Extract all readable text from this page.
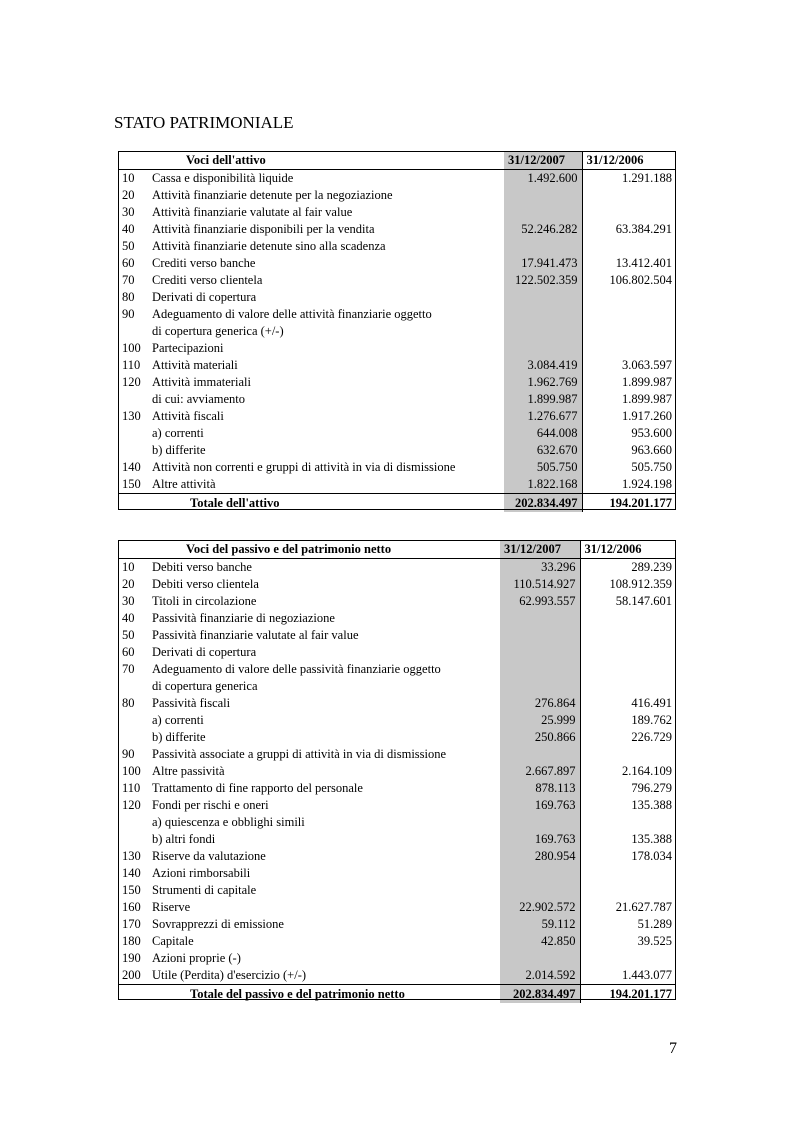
STATO PATRIMONIALE
	Voci dell'attivo	31/12/2007	31/12/2006
10	Cassa e disponibilità liquide	1.492.600	1.291.188
20	Attività finanziarie detenute per la negoziazione		
30	Attività finanziarie valutate al fair value		
40	Attività finanziarie disponibili per la vendita	52.246.282	63.384.291
50	Attività finanziarie detenute sino alla scadenza		
60	Crediti verso banche	17.941.473	13.412.401
70	Crediti verso clientela	122.502.359	106.802.504
80	Derivati di copertura		
90	Adeguamento di valore delle attività finanziarie oggetto		
	di copertura generica (+/-)		
100	Partecipazioni		
110	Attività materiali	3.084.419	3.063.597
120	Attività immateriali	1.962.769	1.899.987
	di cui: avviamento	1.899.987	1.899.987
130	Attività fiscali	1.276.677	1.917.260
	a) correnti	644.008	953.600
	b) differite	632.670	963.660
140	Attività non correnti e gruppi di attività in via di dismissione	505.750	505.750
150	Altre attività	1.822.168	1.924.198
	Totale dell'attivo	202.834.497	194.201.177
	Voci del passivo e del patrimonio netto	31/12/2007	31/12/2006
10	Debiti verso banche	33.296	289.239
20	Debiti verso clientela	110.514.927	108.912.359
30	Titoli in circolazione	62.993.557	58.147.601
40	Passività finanziarie di negoziazione		
50	Passività finanziarie valutate al fair value		
60	Derivati di copertura		
70	Adeguamento di valore delle passività finanziarie oggetto		
	di copertura generica		
80	Passività fiscali	276.864	416.491
	a) correnti	25.999	189.762
	b) differite	250.866	226.729
90	Passività associate a gruppi di attività in via di dismissione		
100	Altre passività	2.667.897	2.164.109
110	Trattamento di fine rapporto del personale	878.113	796.279
120	Fondi per rischi e oneri	169.763	135.388
	a) quiescenza e obblighi simili		
	b) altri fondi	169.763	135.388
130	Riserve da valutazione	280.954	178.034
140	Azioni rimborsabili		
150	Strumenti di capitale		
160	Riserve	22.902.572	21.627.787
170	Sovrapprezzi di emissione	59.112	51.289
180	Capitale	42.850	39.525
190	Azioni proprie (-)		
200	Utile (Perdita) d'esercizio (+/-)	2.014.592	1.443.077
	Totale del passivo e del patrimonio netto	202.834.497	194.201.177
7
